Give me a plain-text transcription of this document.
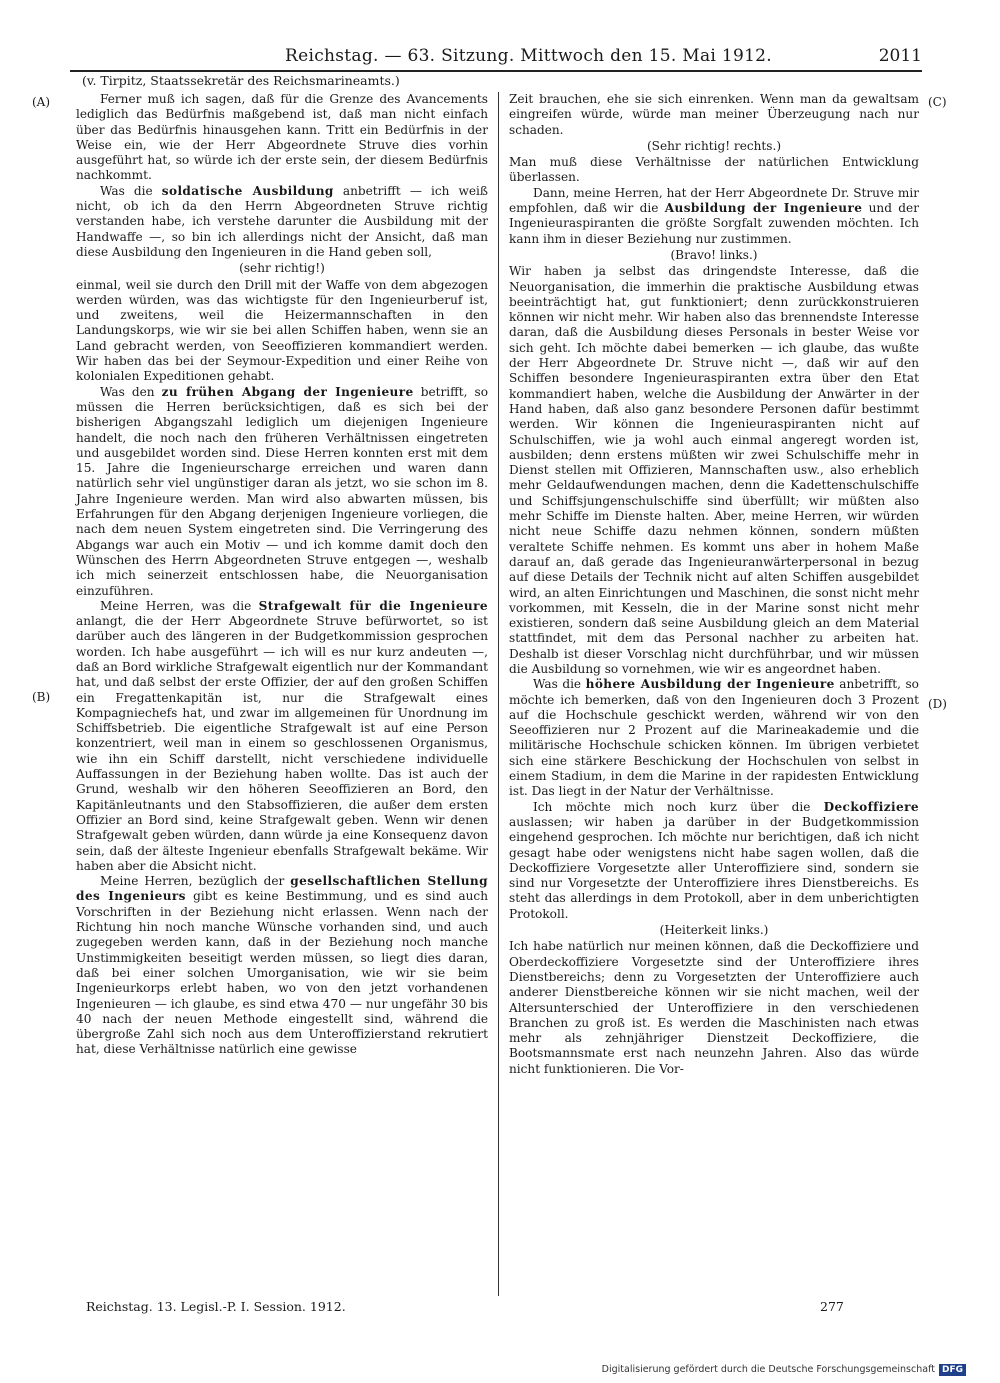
Reichstag. — 63. Sitzung. Mittwoch den 15. Mai 1912.	2011
(v. Tirpitz, Staatssekretär des Reichsmarineamts.)
(A)
(B)
(C)
(D)

Ferner muß ich sagen, daß für die Grenze des Avancements lediglich das Bedürfnis maßgebend ist, daß man nicht einfach über das Bedürfnis hinausgehen kann. Tritt ein Bedürfnis in der Weise ein, wie der Herr Abgeordnete Struve dies vorhin ausgeführt hat, so würde ich der erste sein, der diesem Bedürfnis nachkommt.

Was die soldatische Ausbildung anbetrifft — ich weiß nicht, ob ich da den Herrn Abgeordneten Struve richtig verstanden habe, ich verstehe darunter die Ausbildung mit der Handwaffe —, so bin ich allerdings nicht der Ansicht, daß man diese Ausbildung den Ingenieuren in die Hand geben soll,

(sehr richtig!)

einmal, weil sie durch den Drill mit der Waffe von dem abgezogen werden würden, was das wichtigste für den Ingenieurberuf ist, und zweitens, weil die Heizermannschaften in den Landungskorps, wie wir sie bei allen Schiffen haben, wenn sie an Land gebracht werden, von Seeoffizieren kommandiert werden. Wir haben das bei der Seymour-Expedition und einer Reihe von kolonialen Expeditionen gehabt.

Was den zu frühen Abgang der Ingenieure betrifft, so müssen die Herren berücksichtigen, daß es sich bei der bisherigen Abgangszahl lediglich um diejenigen Ingenieure handelt, die noch nach den früheren Verhältnissen eingetreten und ausgebildet worden sind. Diese Herren konnten erst mit dem 15. Jahre die Ingenieurscharge erreichen und waren dann natürlich sehr viel ungünstiger daran als jetzt, wo sie schon im 8. Jahre Ingenieure werden. Man wird also abwarten müssen, bis Erfahrungen für den Abgang derjenigen Ingenieure vorliegen, die nach dem neuen System eingetreten sind. Die Verringerung des Abgangs war auch ein Motiv — und ich komme damit doch den Wünschen des Herrn Abgeordneten Struve entgegen —, weshalb ich mich seinerzeit entschlossen habe, die Neuorganisation einzuführen.

Meine Herren, was die Strafgewalt für die Ingenieure anlangt, die der Herr Abgeordnete Struve befürwortet, so ist darüber auch des längeren in der Budgetkommission gesprochen worden. Ich habe ausgeführt — ich will es nur kurz andeuten —, daß an Bord wirkliche Strafgewalt eigentlich nur der Kommandant hat, und daß selbst der erste Offizier, der auf den großen Schiffen ein Fregattenkapitän ist, nur die Strafgewalt eines Kompagniechefs hat, und zwar im allgemeinen für Unordnung im Schiffsbetrieb. Die eigentliche Strafgewalt ist auf eine Person konzentriert, weil man in einem so geschlossenen Organismus, wie ihn ein Schiff darstellt, nicht verschiedene individuelle Auffassungen in der Beziehung haben wollte. Das ist auch der Grund, weshalb wir den höheren Seeoffizieren an Bord, den Kapitänleutnants und den Stabsoffizieren, die außer dem ersten Offizier an Bord sind, keine Strafgewalt geben. Wenn wir denen Strafgewalt geben würden, dann würde ja eine Konsequenz davon sein, daß der älteste Ingenieur ebenfalls Strafgewalt bekäme. Wir haben aber die Absicht nicht.

Meine Herren, bezüglich der gesellschaftlichen Stellung des Ingenieurs gibt es keine Bestimmung, und es sind auch Vorschriften in der Beziehung nicht erlassen. Wenn nach der Richtung hin noch manche Wünsche vorhanden sind, und auch zugegeben werden kann, daß in der Beziehung noch manche Unstimmigkeiten beseitigt werden müssen, so liegt dies daran, daß bei einer solchen Umorganisation, wie wir sie beim Ingenieurkorps erlebt haben, wo von den jetzt vorhandenen Ingenieuren — ich glaube, es sind etwa 470 — nur ungefähr 30 bis 40 nach der neuen Methode eingestellt sind, während die übergroße Zahl sich noch aus dem Unteroffizierstand rekrutiert hat, diese Verhältnisse natürlich eine gewisse

Zeit brauchen, ehe sie sich einrenken. Wenn man da gewaltsam eingreifen würde, würde man meiner Überzeugung nach nur schaden.

(Sehr richtig! rechts.)

Man muß diese Verhältnisse der natürlichen Entwicklung überlassen.

Dann, meine Herren, hat der Herr Abgeordnete Dr. Struve mir empfohlen, daß wir die Ausbildung der Ingenieure und der Ingenieuraspiranten die größte Sorgfalt zuwenden möchten. Ich kann ihm in dieser Beziehung nur zustimmen.

(Bravo! links.)

Wir haben ja selbst das dringendste Interesse, daß die Neuorganisation, die immerhin die praktische Ausbildung etwas beeinträchtigt hat, gut funktioniert; denn zurückkonstruieren können wir nicht mehr. Wir haben also das brennendste Interesse daran, daß die Ausbildung dieses Personals in bester Weise vor sich geht. Ich möchte dabei bemerken — ich glaube, das wußte der Herr Abgeordnete Dr. Struve nicht —, daß wir auf den Schiffen besondere Ingenieuraspiranten extra über den Etat kommandiert haben, welche die Ausbildung der Anwärter in der Hand haben, daß also ganz besondere Personen dafür bestimmt werden. Wir können die Ingenieuraspiranten nicht auf Schulschiffen, wie ja wohl auch einmal angeregt worden ist, ausbilden; denn erstens müßten wir zwei Schulschiffe mehr in Dienst stellen mit Offizieren, Mannschaften usw., also erheblich mehr Geldaufwendungen machen, denn die Kadettenschulschiffe und Schiffsjungenschulschiffe sind überfüllt; wir müßten also mehr Schiffe im Dienste halten. Aber, meine Herren, wir würden nicht neue Schiffe dazu nehmen können, sondern müßten veraltete Schiffe nehmen. Es kommt uns aber in hohem Maße darauf an, daß gerade das Ingenieuranwärterpersonal in bezug auf diese Details der Technik nicht auf alten Schiffen ausgebildet wird, an alten Einrichtungen und Maschinen, die sonst nicht mehr vorkommen, mit Kesseln, die in der Marine sonst nicht mehr existieren, sondern daß seine Ausbildung gleich an dem Material stattfindet, mit dem das Personal nachher zu arbeiten hat. Deshalb ist dieser Vorschlag nicht durchführbar, und wir müssen die Ausbildung so vornehmen, wie wir es angeordnet haben.

Was die höhere Ausbildung der Ingenieure anbetrifft, so möchte ich bemerken, daß von den Ingenieuren doch 3 Prozent auf die Hochschule geschickt werden, während wir von den Seeoffizieren nur 2 Prozent auf die Marineakademie und die militärische Hochschule schicken können. Im übrigen verbietet sich eine stärkere Beschickung der Hochschulen von selbst in einem Stadium, in dem die Marine in der rapidesten Entwicklung ist. Das liegt in der Natur der Verhältnisse.

Ich möchte mich noch kurz über die Deckoffiziere auslassen; wir haben ja darüber in der Budgetkommission eingehend gesprochen. Ich möchte nur berichtigen, daß ich nicht gesagt habe oder wenigstens nicht habe sagen wollen, daß die Deckoffiziere Vorgesetzte aller Unteroffiziere sind, sondern sie sind nur Vorgesetzte der Unteroffiziere ihres Dienstbereichs. Es steht das allerdings in dem Protokoll, aber in dem unberichtigten Protokoll.

(Heiterkeit links.)

Ich habe natürlich nur meinen können, daß die Deckoffiziere und Oberdeckoffiziere Vorgesetzte sind der Unteroffiziere ihres Dienstbereichs; denn zu Vorgesetzten der Unteroffiziere auch anderer Dienstbereiche können wir sie nicht machen, weil der Altersunterschied der Unteroffiziere in den verschiedenen Branchen zu groß ist. Es werden die Maschinisten nach etwas mehr als zehnjähriger Dienstzeit Deckoffiziere, die Bootsmannsmate erst nach neunzehn Jahren. Also das würde nicht funktionieren. Die Vor-

Reichstag. 13. Legisl.-P. I. Session. 1912.	277
Digitalisierung gefördert durch die Deutsche Forschungsgemeinschaft DFG
